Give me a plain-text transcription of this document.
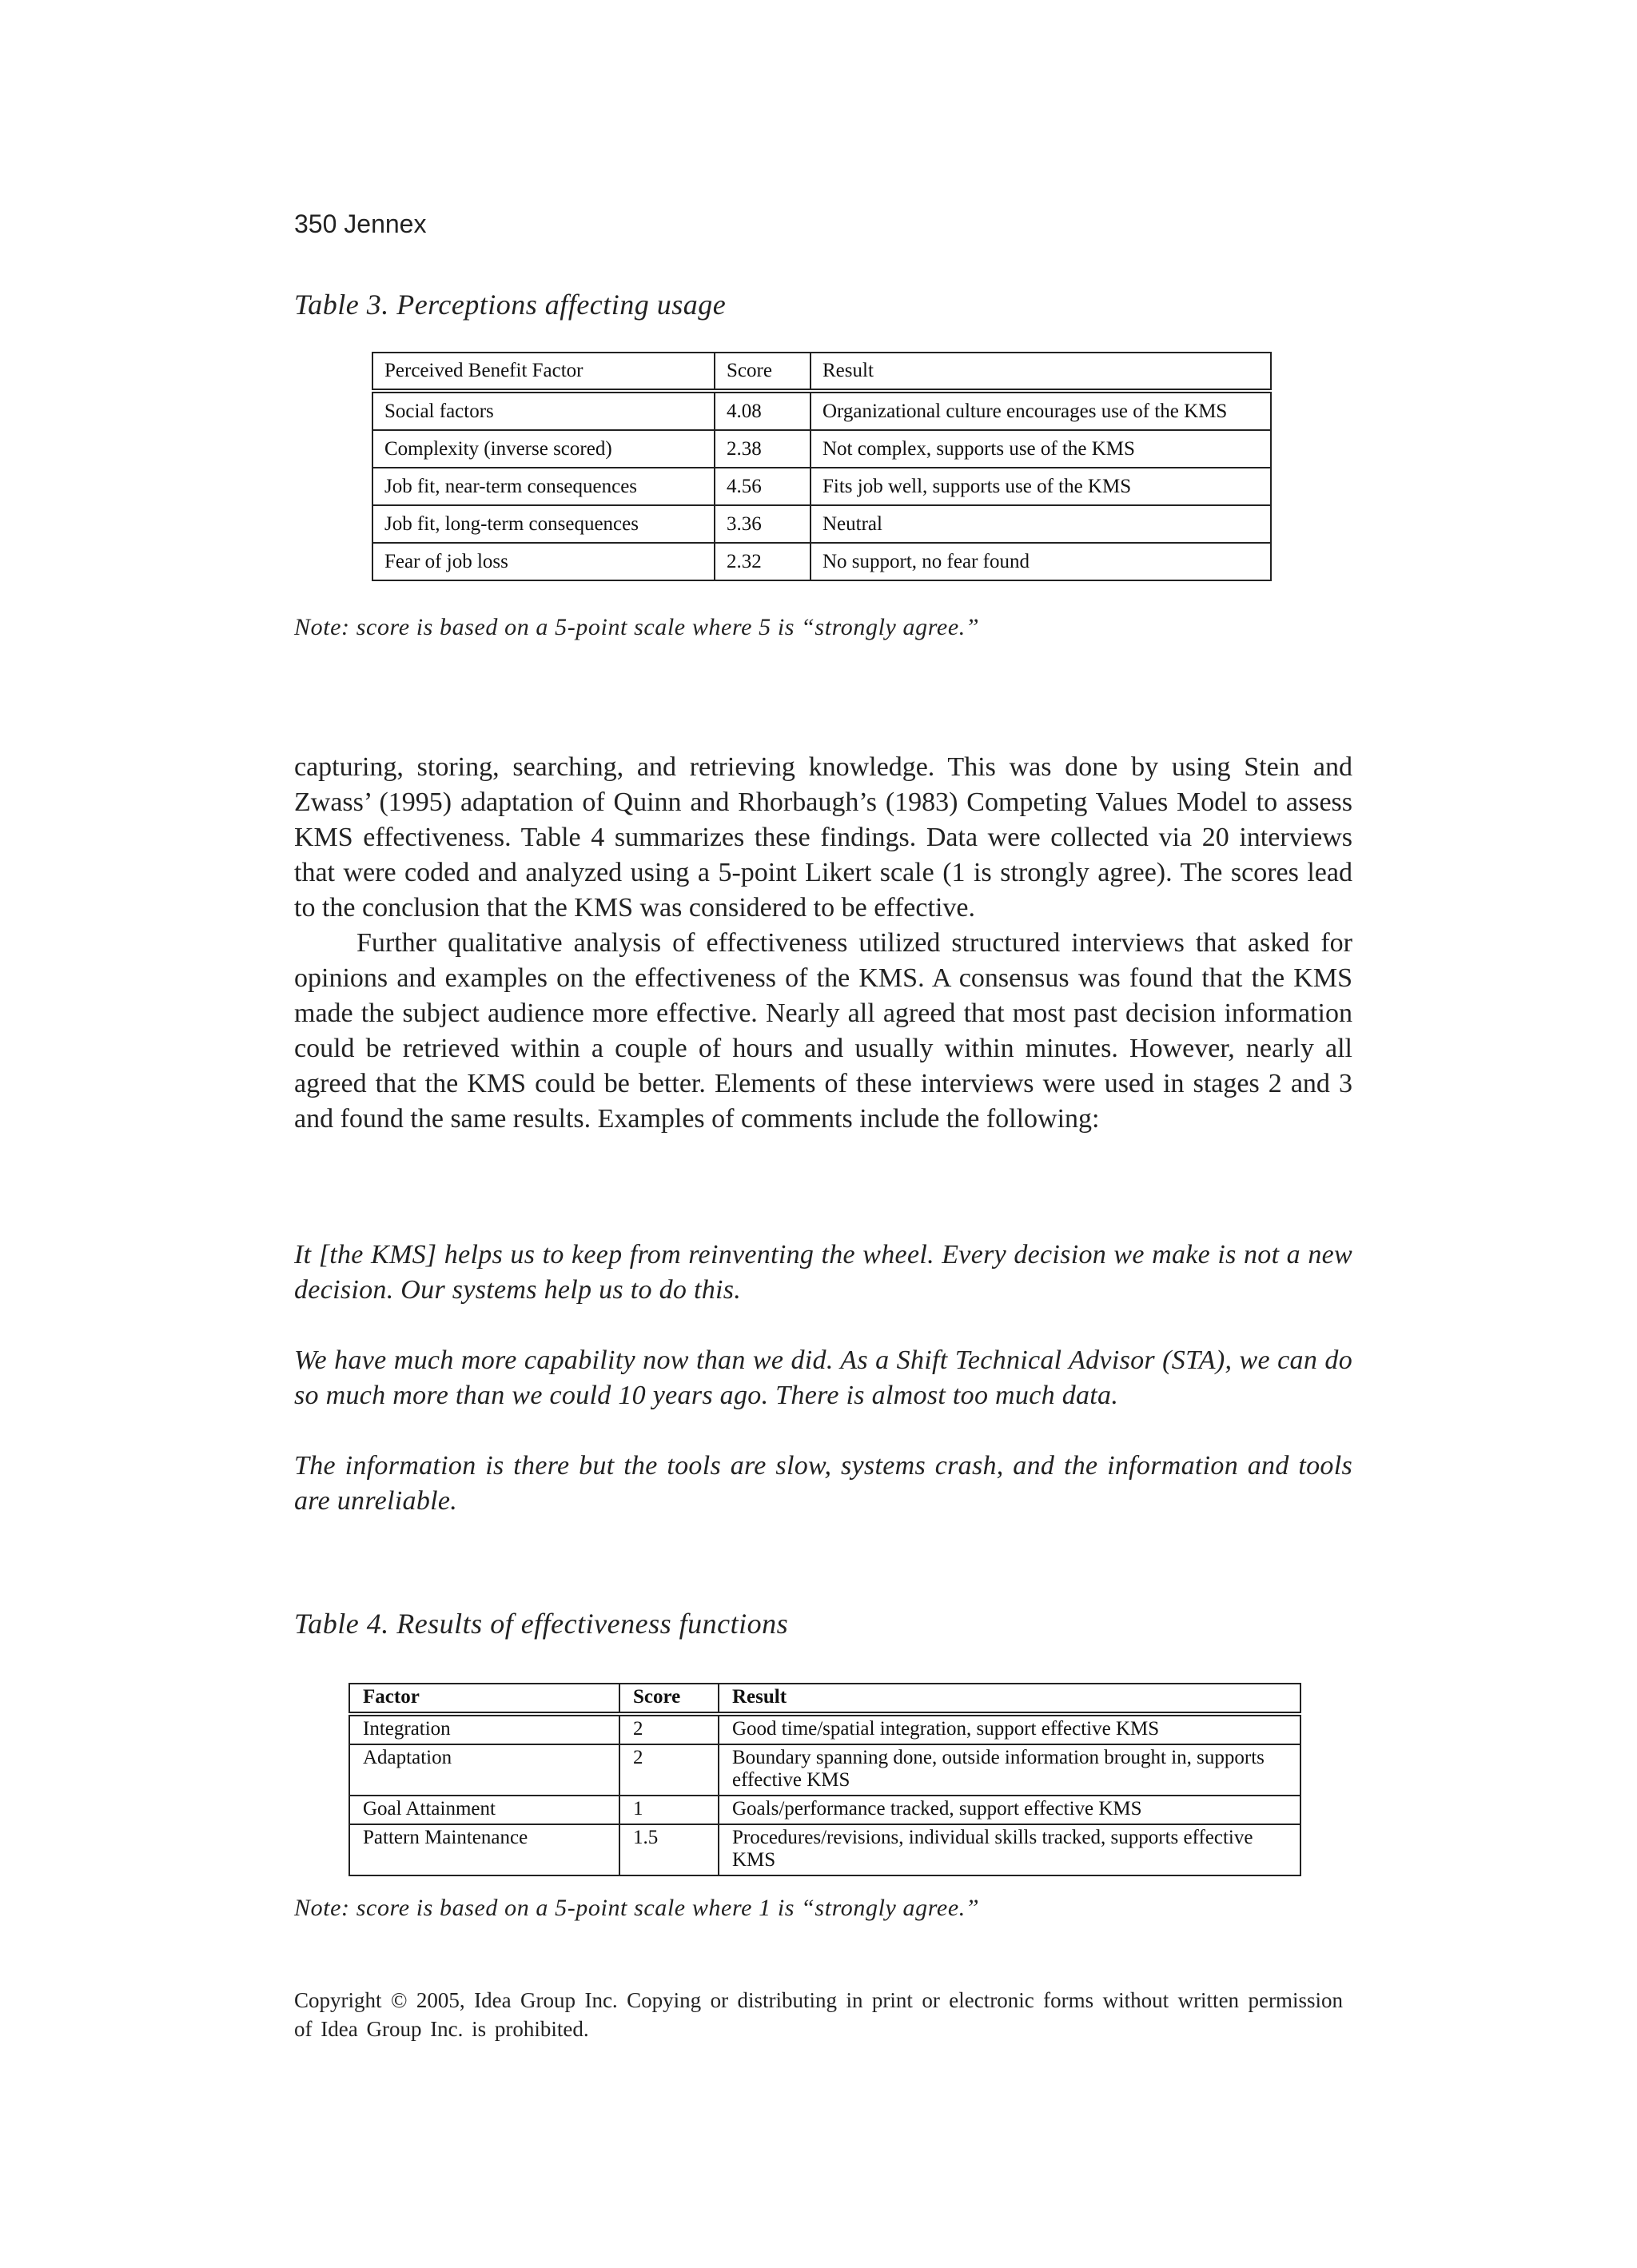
350 Jennex
Table 3. Perceptions affecting usage
Perceived Benefit Factor	Score	Result
Social factors	4.08	Organizational culture encourages use of the KMS
Complexity (inverse scored)	2.38	Not complex, supports use of the KMS
Job fit, near-term consequences	4.56	Fits job well, supports use of the KMS
Job fit, long-term consequences	3.36	Neutral
Fear of job loss	2.32	No support, no fear found
Note: score is based on a 5-point scale where 5 is “strongly agree.”

capturing, storing, searching, and retrieving knowledge. This was done by using Stein and Zwass’ (1995) adaptation of Quinn and Rhorbaugh’s (1983) Competing Values Model to assess KMS effectiveness. Table 4 summarizes these findings. Data were collected via 20 interviews that were coded and analyzed using a 5-point Likert scale (1 is strongly agree). The scores lead to the conclusion that the KMS was considered to be effective.

Further qualitative analysis of effectiveness utilized structured interviews that asked for opinions and examples on the effectiveness of the KMS. A consensus was found that the KMS made the subject audience more effective. Nearly all agreed that most past decision information could be retrieved within a couple of hours and usually within minutes. However, nearly all agreed that the KMS could be better. Elements of these interviews were used in stages 2 and 3 and found the same results. Examples of comments include the following:

It [the KMS] helps us to keep from reinventing the wheel. Every decision we make is not a new decision. Our systems help us to do this.

We have much more capability now than we did. As a Shift Technical Advisor (STA), we can do so much more than we could 10 years ago. There is almost too much data.

The information is there but the tools are slow, systems crash, and the information and tools are unreliable.

Table 4. Results of effectiveness functions
Factor	Score	Result
Integration	2	Good time/spatial integration, support effective KMS
Adaptation	2	Boundary spanning done, outside information brought in, supports effective KMS
Goal Attainment	1	Goals/performance tracked, support effective KMS
Pattern Maintenance	1.5	Procedures/revisions, individual skills tracked, supports effective KMS
Note: score is based on a 5-point scale where 1 is “strongly agree.”
Copyright © 2005, Idea Group Inc. Copying or distributing in print or electronic forms without written permission of Idea Group Inc. is prohibited.
